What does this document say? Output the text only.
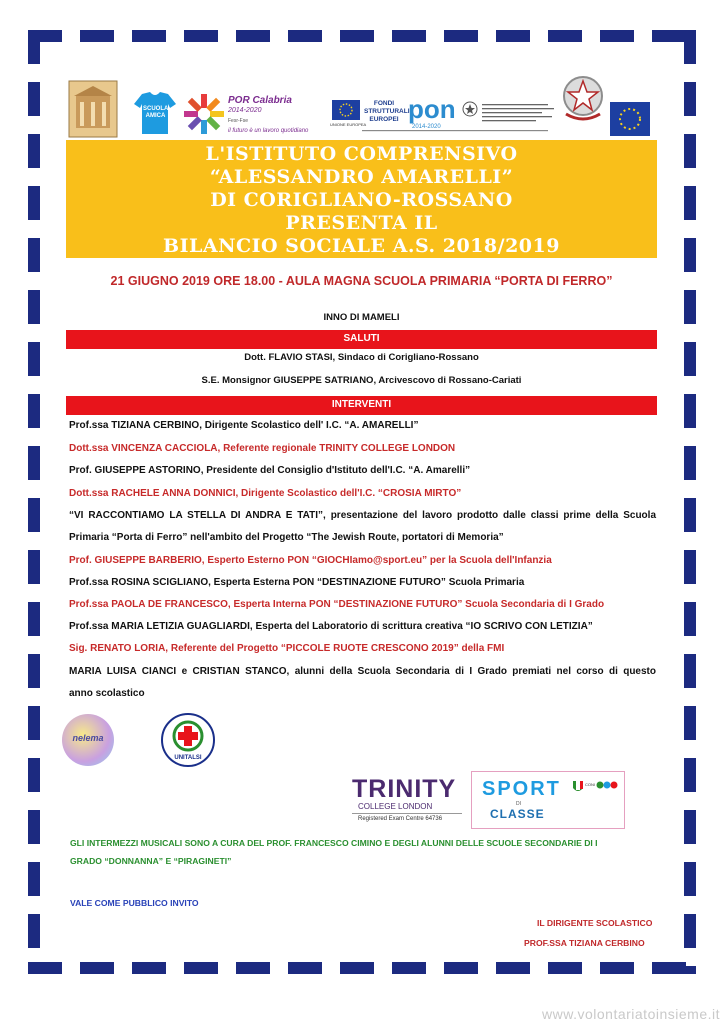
SCUOLA
AMICA
POR Calabria
2014-2020
Fesr-Fse
il futuro è un lavoro quotidiano
UNIONE EUROPEA
FONDI
STRUTTURALI
EUROPEI pon
2014-2020
L'ISTITUTO COMPRENSIVO
“ALESSANDRO AMARELLI”
DI CORIGLIANO-ROSSANO
PRESENTA IL
BILANCIO SOCIALE A.S. 2018/2019
21 GIUGNO 2019 ORE 18.00 - AULA MAGNA SCUOLA PRIMARIA “PORTA DI FERRO”
INNO DI MAMELI
SALUTI
Dott. FLAVIO STASI, Sindaco di Corigliano-Rossano
S.E. Monsignor GIUSEPPE SATRIANO, Arcivescovo di Rossano-Cariati
INTERVENTI
Prof.ssa TIZIANA CERBINO, Dirigente Scolastico dell' I.C. “A. AMARELLI”
Dott.ssa VINCENZA CACCIOLA, Referente regionale TRINITY COLLEGE LONDON
Prof. GIUSEPPE ASTORINO, Presidente del Consiglio d'Istituto dell'I.C. “A. Amarelli”
Dott.ssa RACHELE ANNA DONNICI, Dirigente Scolastico dell'I.C. “CROSIA MIRTO”
“VI RACCONTIAMO LA STELLA DI ANDRA E TATI”, presentazione del lavoro prodotto dalle classi prime della Scuola
Primaria “Porta di Ferro” nell'ambito del Progetto “The Jewish Route, portatori di Memoria”
Prof. GIUSEPPE BARBERIO, Esperto Esterno PON “GIOCHIamo@sport.eu” per la Scuola dell'Infanzia
Prof.ssa ROSINA SCIGLIANO, Esperta Esterna PON “DESTINAZIONE FUTURO” Scuola Primaria
Prof.ssa PAOLA DE FRANCESCO, Esperta Interna PON “DESTINAZIONE FUTURO” Scuola Secondaria di I Grado
Prof.ssa MARIA LETIZIA GUAGLIARDI, Esperta del Laboratorio di scrittura creativa “IO SCRIVO CON LETIZIA”
Sig. RENATO LORIA, Referente del Progetto “PICCOLE RUOTE CRESCONO 2019” della FMI
MARIA LUISA CIANCI e CRISTIAN STANCO, alunni della Scuola Secondaria di I Grado premiati nel corso di questo
anno scolastico
nelema
UNITALSI
TRINITY
COLLEGE LONDON
Registered Exam Centre 64736
SPORT
DI
CLASSE
CONI
GLI INTERMEZZI MUSICALI SONO A CURA DEL PROF. FRANCESCO CIMINO E DEGLI ALUNNI DELLE SCUOLE SECONDARIE DI I
GRADO “DONNANNA” E “PIRAGINETI”
VALE COME PUBBLICO INVITO
IL DIRIGENTE SCOLASTICO
PROF.SSA TIZIANA CERBINO
www.volontariatoinsieme.it
